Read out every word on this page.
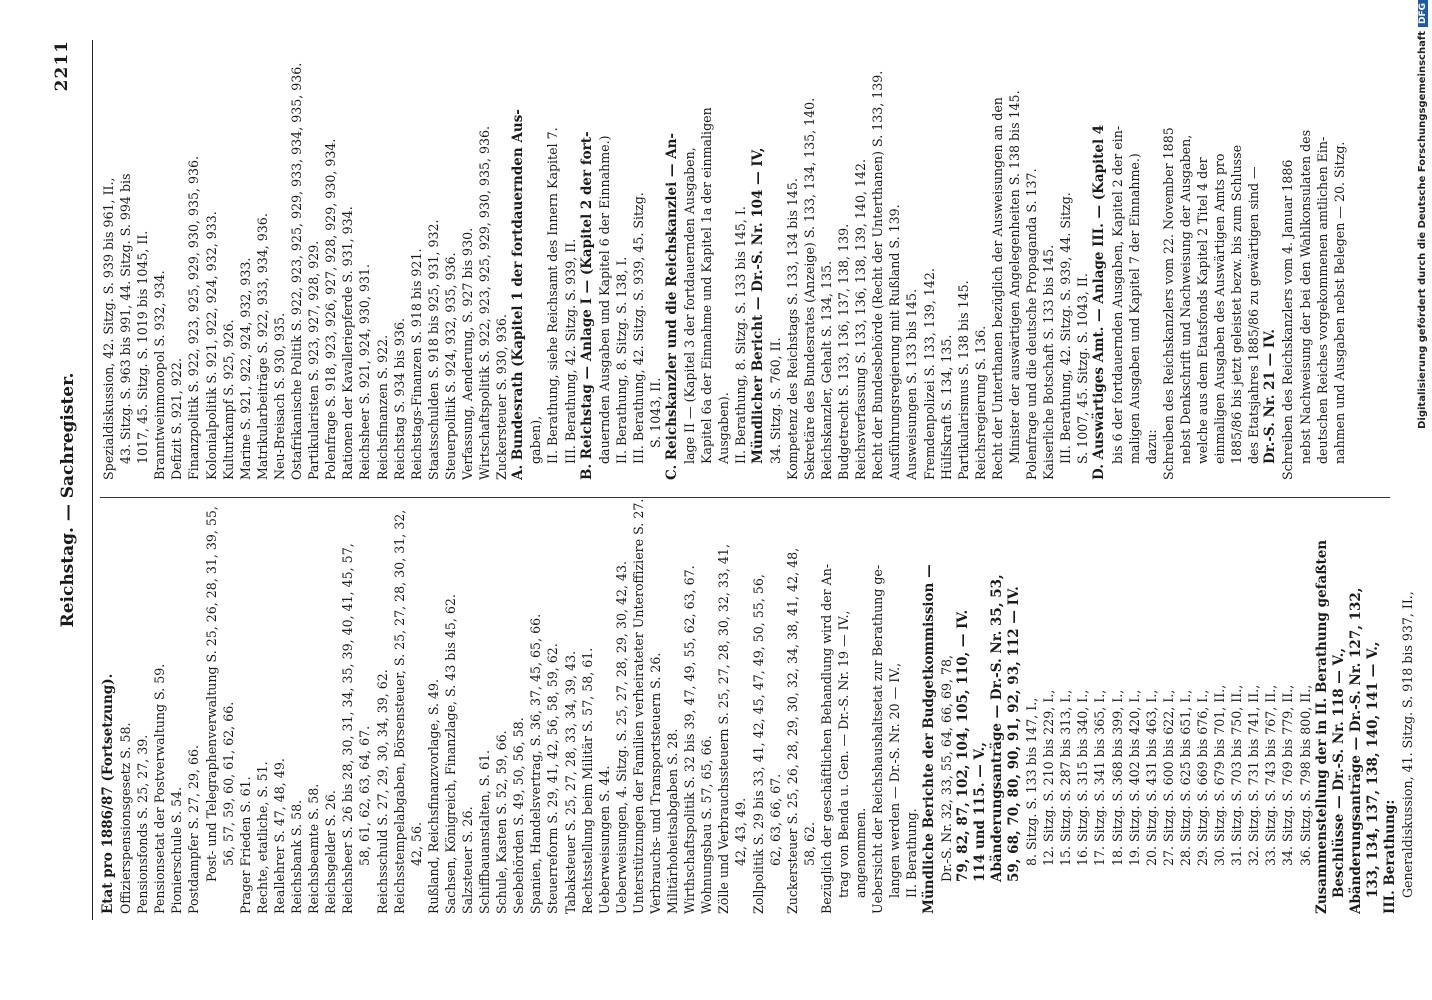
2211
Reichstag. — Sachregister.
Etat pro 1886/87 (Fortsetzung). Offizierspensionsgesetz S. 58. Pensionsfonds S. 25, 27, 39. Pensionsetat der Postverwaltung S. 59. Pionierschule S. 54. Postdampfer S. 27, 29, 66. Post- und Telegraphenverwaltung S. 25, 26, 28, 31, 39, 55, 56, 57, 59, 60, 61, 62, 66. Prager Frieden S. 61. Rechte, etatliche, S. 51. Reallehrer S. 47, 48, 49. Reichsbank S. 58. Reichsbeamte S. 58. Reichsgelder S. 26. Reichsheer S. 26 bis 28, 30, 31, 34, 35, 39, 40, 41, 45, 57, 58, 61, 62, 63, 64, 67. Reichsschuld S. 27, 29, 30, 34, 39, 62. Reichsstempelabgaben, Börsensteuer, S. 25, 27, 28, 30, 31, 32, 42, 56. Rußland, Reichsfinanzvorlage, S. 49. Sachsen, Königreich, Finanzlage, S. 43 bis 45, 62. Salzsteuer S. 26. Schiffbauanstalten, S. 61. Schule, Kasten S. 52, 59, 66. Seebehörden S. 49, 50, 56, 58. Spanien, Handelsvertrag, S. 36, 37, 45, 65, 66. Steuerreform S. 29, 41, 42, 56, 58, 59, 62. Tabaksteuer S. 25, 27, 28, 33, 34, 39, 43. Rechtsstellung beim Militär S. 57, 58, 61. Ueberweisungen S. 44. Ueberweisungen, 4. Sitzg. S. 25, 27, 28, 29, 30, 42, 43. Unterstützungen der Familien verheirateter Unteroffiziere S. 27. Verbrauchs- und Transportsteuern S. 26. Militärhoheitsabgaben S. 28. Wirthschaftspolitik S. 32 bis 39, 47, 49, 55, 62, 63, 67. Wohnungsbau S. 57, 65, 66. Zölle und Verbrauchssteuern S. 25, 27, 28, 30, 32, 33, 41, 42, 43, 49. Zollpolitik S. 29 bis 33, 41, 42, 45, 47, 49, 50, 55, 56, 62, 63, 66, 67. Zuckersteuer S. 25, 26, 28, 29, 30, 32, 34, 38, 41, 42, 48, 58, 62. Bezüglich der geschäftlichen Behandlung wird der An- trag von Benda u. Gen. — Dr.-S. Nr. 19 — IV., angenommen. Uebersicht der Reichshaushaltsetat zur Berathung ge- langen werden — Dr.-S. Nr. 20 — IV., II. Berathung. Mündliche Berichte der Budgetkommission — Dr.-S. Nr. 32, 33, 55, 64, 66, 69, 78, 79, 82, 87, 102, 104, 105, 110, — IV. 114 und 115. — V., Abänderungsanträge — Dr.-S. Nr. 35, 53, 59, 68, 70, 80, 90, 91, 92, 93, 112 — IV. 8. Sitzg. S. 133 bis 147, I., 12. Sitzg. S. 210 bis 229, I., 15. Sitzg. S. 287 bis 313, I., 16. Sitzg. S. 315 bis 340, I., 17. Sitzg. S. 341 bis 365, I., 18. Sitzg. S. 368 bis 399, I., 19. Sitzg. S. 402 bis 420, I., 20. Sitzg. S. 431 bis 463, I., 27. Sitzg. S. 600 bis 622, I., 28. Sitzg. S. 625 bis 651, I., 29. Sitzg. S. 669 bis 676, I., 30. Sitzg. S. 679 bis 701, II., 31. Sitzg. S. 703 bis 750, II., 32. Sitzg. S. 731 bis 741, II., 33. Sitzg. S. 743 bis 767, II., 34. Sitzg. S. 769 bis 779, II., 36. Sitzg. S. 798 bis 800, II., Zusammenstellung der in II. Berathung gefaßten Beschlüsse — Dr.-S. Nr. 118 — V., Abänderungsanträge — Dr.-S. Nr. 127, 132, 133, 134, 137, 138, 140, 141 — V., III. Berathung: Generaldiskussion, 41. Sitzg. S. 918 bis 937, II.,
Spezialdiskussion, 42. Sitzg. S. 939 bis 961, II., 43. Sitzg. S. 963 bis 991, 44. Sitzg. S. 994 bis 1017, 45. Sitzg. S. 1019 bis 1045, II. Branntweinmonopol S. 932, 934. Defizit S. 921, 922. Finanzpolitik S. 922, 923, 925, 929, 930, 935, 936. Kolonialpolitik S. 921, 922, 924, 932, 933. Kulturkampf S. 925, 926. Marine S. 921, 922, 924, 932, 933. Matrikularbeiträge S. 922, 933, 934, 936. Neu-Breisach S. 930, 935. Ostafrikanische Politik S. 922, 923, 925, 929, 933, 934, 935, 936. Partikularisten S. 923, 927, 928, 929. Polenfrage S. 918, 923, 926, 927, 928, 929, 930, 934. Rationen der Kavalleriepferde S. 931, 934. Reichsheer S. 921, 924, 930, 931. Reichsfinanzen S. 922. Reichstag S. 934 bis 936. Reichstags-Finanzen S. 918 bis 921. Staatsschulden S. 918 bis 925, 931, 932. Steuerpolitik S. 924, 932, 935, 936. Verfassung, Aenderung, S. 927 bis 930. Wirtschaftspolitik S. 922, 923, 925, 929, 930, 935, 936. Zuckersteuer S. 930, 936. A. Bundesrath (Kapitel 1 der fortdauernden Aus- gaben), II. Berathung, siehe Reichsamt des Innern Kapitel 7. III. Berathung, 42. Sitzg. S. 939, II. B. Reichstag — Anlage I — (Kapitel 2 der fort- dauernden Ausgaben und Kapitel 6 der Einnahme.) II. Berathung, 8. Sitzg. S. 138, I. III. Berathung, 42. Sitzg. S. 939, 45. Sitzg. S. 1043, II. C. Reichskanzler und die Reichskanzlei — An- lage II — (Kapitel 3 der fortdauernden Ausgaben, Kapitel 6a der Einnahme und Kapitel 1a der einmaligen Ausgaben). II. Berathung, 8. Sitzg. S. 133 bis 145, I. Mündlicher Bericht — Dr.-S. Nr. 104 — IV, 34. Sitzg. S. 760, II. Kompetenz des Reichstags S. 133, 134 bis 145. Sekretäre des Bundesrates (Anzeige) S. 133, 134, 135, 140. Reichskanzler, Gehalt S. 134, 135. Budgetrecht S. 133, 136, 137, 138, 139. Reichsverfassung S. 133, 136, 138, 139, 140, 142. Recht der Bundesbehörde (Recht der Unterthanen) S. 133, 139. Ausführungsregierung mit Rußland S. 139. Ausweisungen S. 133 bis 145. Fremdenpolizei S. 133, 139, 142. Hülfskraft S. 134, 135. Partikularismus S. 138 bis 145. Reichsregierung S. 136. Recht der Unterthanen bezüglich der Ausweisungen an den Minister der auswärtigen Angelegenheiten S. 138 bis 145. Polenfrage und die deutsche Propaganda S. 137. Kaiserliche Botschaft S. 133 bis 145. III. Berathung, 42. Sitzg. S. 939, 44. Sitzg. S. 1007, 45. Sitzg. S. 1043, II. D. Auswärtiges Amt. — Anlage III. — (Kapitel 4 bis 6 der fortdauernden Ausgaben, Kapitel 2 der ein- maligen Ausgaben und Kapitel 7 der Einnahme.) dazu: Schreiben des Reichskanzlers vom 22. November 1885 nebst Denkschrift und Nachweisung der Ausgaben, welche aus dem Etatsfonds Kapitel 2 Titel 4 der einmaligen Ausgaben des Auswärtigen Amts pro 1885/86 bis jetzt geleistet bezw. bis zum Schlusse des Etatsjahres 1885/86 zu gewärtigen sind — Dr.-S. Nr. 21 — IV. Schreiben des Reichskanzlers vom 4. Januar 1886 nebst Nachweisung der bei den Wahlkonsulaten des deutschen Reiches vorgekommenen amtlichen Ein- nahmen und Ausgaben nebst Belegen — 20. Sitzg.	Digitalisierung gefördert durch die Deutsche ForschungsgemeinschaftDFG
